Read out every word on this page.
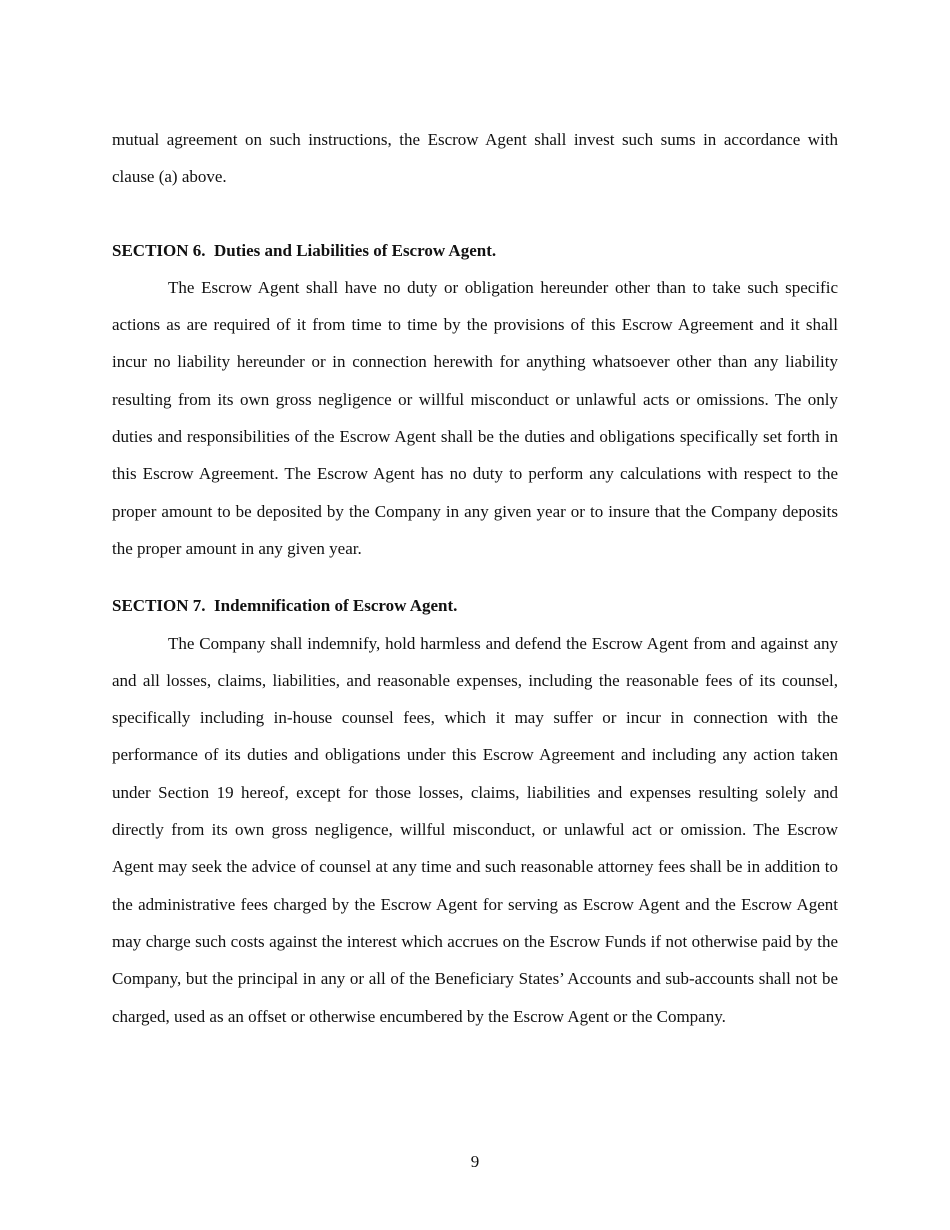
mutual agreement on such instructions, the Escrow Agent shall invest such sums in accordance with clause (a) above.

SECTION 6.  Duties and Liabilities of Escrow Agent.

The Escrow Agent shall have no duty or obligation hereunder other than to take such specific actions as are required of it from time to time by the provisions of this Escrow Agreement and it shall incur no liability hereunder or in connection herewith for anything whatsoever other than any liability resulting from its own gross negligence or willful misconduct or unlawful acts or omissions. The only duties and responsibilities of the Escrow Agent shall be the duties and obligations specifically set forth in this Escrow Agreement. The Escrow Agent has no duty to perform any calculations with respect to the proper amount to be deposited by the Company in any given year or to insure that the Company deposits the proper amount in any given year.

SECTION 7.  Indemnification of Escrow Agent.

The Company shall indemnify, hold harmless and defend the Escrow Agent from and against any and all losses, claims, liabilities, and reasonable expenses, including the reasonable fees of its counsel, specifically including in-house counsel fees, which it may suffer or incur in connection with the performance of its duties and obligations under this Escrow Agreement and including any action taken under Section 19 hereof, except for those losses, claims, liabilities and expenses resulting solely and directly from its own gross negligence, willful misconduct, or unlawful act or omission. The Escrow Agent may seek the advice of counsel at any time and such reasonable attorney fees shall be in addition to the administrative fees charged by the Escrow Agent for serving as Escrow Agent and the Escrow Agent may charge such costs against the interest which accrues on the Escrow Funds if not otherwise paid by the Company, but the principal in any or all of the Beneficiary States’ Accounts and sub-accounts shall not be charged, used as an offset or otherwise encumbered by the Escrow Agent or the Company.

9
